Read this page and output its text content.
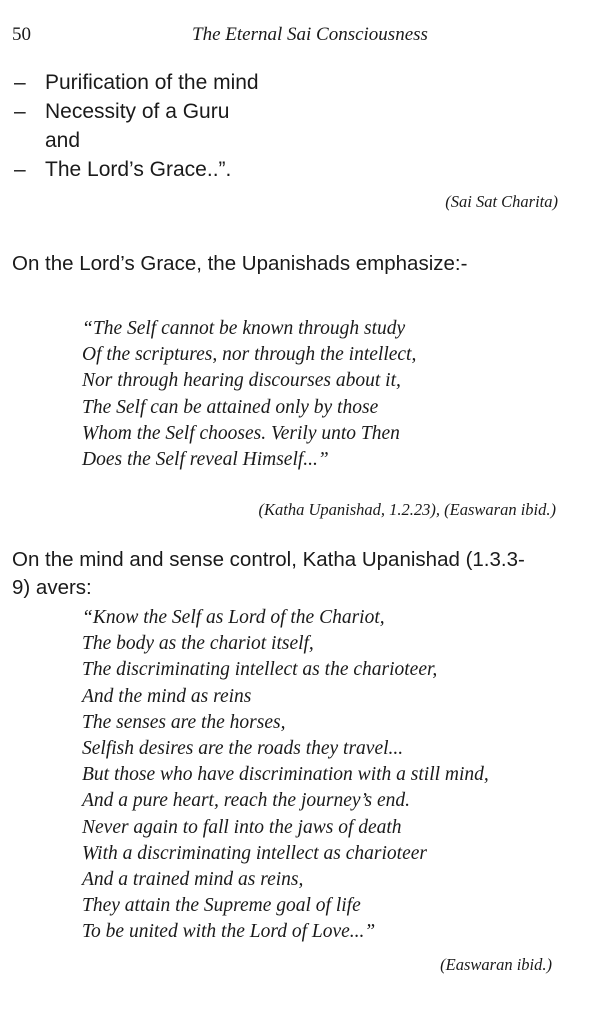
50	The Eternal Sai Consciousness
– Purification of the mind
– Necessity of a Guru
and
– The Lord’s Grace..”.
(Sai Sat Charita)
On the Lord’s Grace, the Upanishads emphasize:-
“The Self cannot be known through study
Of the scriptures, nor through the intellect,
Nor through hearing discourses about it,
The Self can be attained only by those
Whom the Self chooses. Verily unto Then
Does the Self reveal Himself...”
(Katha Upanishad, 1.2.23), (Easwaran ibid.)
On the mind and sense control, Katha Upanishad (1.3.3-
9) avers:
“Know the Self as Lord of the Chariot,
The body as the chariot itself,
The discriminating intellect as the charioteer,
And the mind as reins
The senses are the horses,
Selfish desires are the roads they travel...
But those who have discrimination with a still mind,
And a pure heart, reach the journey’s end.
Never again to fall into the jaws of death
With a discriminating intellect as charioteer
And a trained mind as reins,
They attain the Supreme goal of life
To be united with the Lord of Love...”
(Easwaran ibid.)
